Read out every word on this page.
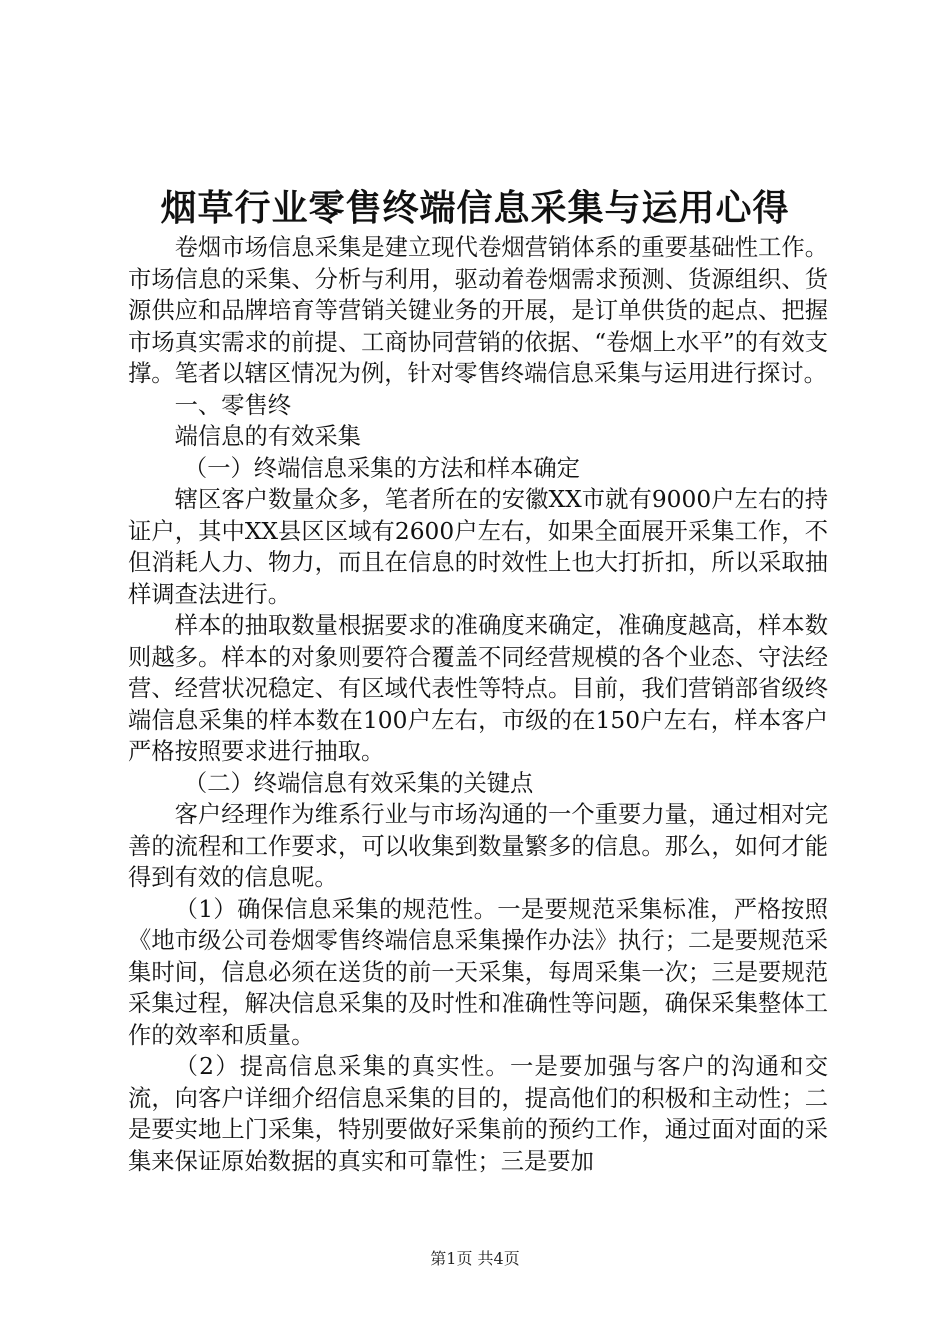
烟草行业零售终端信息采集与运用心得

卷烟市场信息采集是建立现代卷烟营销体系的重要基础性工作。市场信息的采集、分析与利用，驱动着卷烟需求预测、货源组织、货源供应和品牌培育等营销关键业务的开展，是订单供货的起点、把握市场真实需求的前提、工商协同营销的依据、“卷烟上水平”的有效支撑。笔者以辖区情况为例，针对零售终端信息采集与运用进行探讨。

一、零售终

端信息的有效采集

（一）终端信息采集的方法和样本确定

辖区客户数量众多，笔者所在的安徽XX市就有9000户左右的持证户，其中XX县区区域有2600户左右，如果全面展开采集工作，不但消耗人力、物力，而且在信息的时效性上也大打折扣，所以采取抽样调查法进行。

样本的抽取数量根据要求的准确度来确定，准确度越高，样本数则越多。样本的对象则要符合覆盖不同经营规模的各个业态、守法经营、经营状况稳定、有区域代表性等特点。目前，我们营销部省级终端信息采集的样本数在100户左右，市级的在150户左右，样本客户严格按照要求进行抽取。

（二）终端信息有效采集的关键点

客户经理作为维系行业与市场沟通的一个重要力量，通过相对完善的流程和工作要求，可以收集到数量繁多的信息。那么，如何才能得到有效的信息呢。

（1）确保信息采集的规范性。一是要规范采集标准，严格按照《地市级公司卷烟零售终端信息采集操作办法》执行；二是要规范采集时间，信息必须在送货的前一天采集，每周采集一次；三是要规范采集过程，解决信息采集的及时性和准确性等问题，确保采集整体工作的效率和质量。

（2）提高信息采集的真实性。一是要加强与客户的沟通和交流，向客户详细介绍信息采集的目的，提高他们的积极和主动性；二是要实地上门采集，特别要做好采集前的预约工作，通过面对面的采集来保证原始数据的真实和可靠性；三是要加

第1页 共4页
